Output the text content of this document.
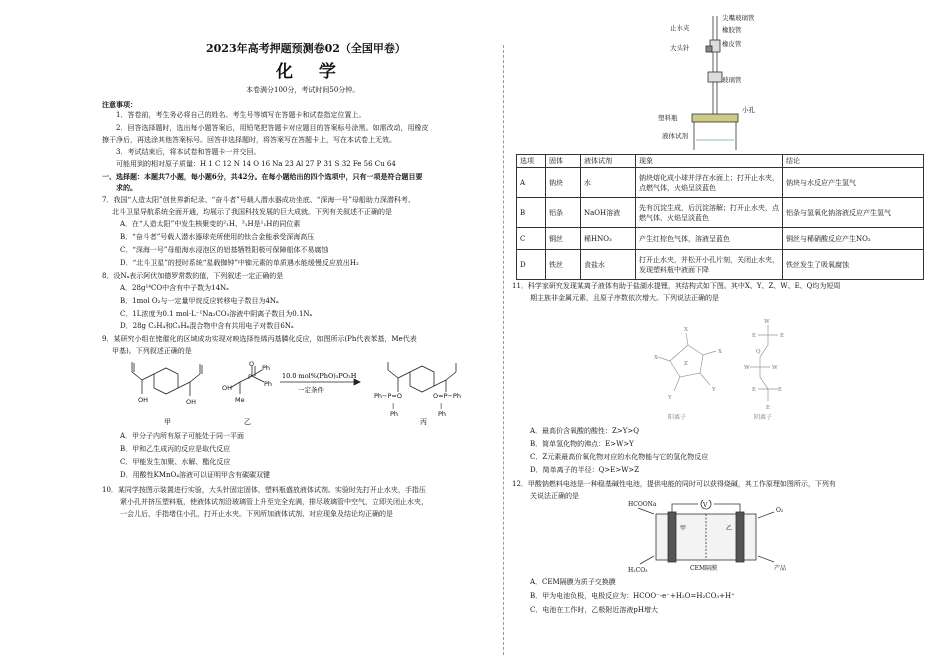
2023年高考押题预测卷02（全国甲卷）
化 学
本卷满分100分，考试时间50分钟。
注意事项：
1．答卷前，考生务必将自己的姓名、考生号等填写在答题卡和试卷指定位置上。
2．回答选择题时，选出每小题答案后，用铅笔把答题卡对应题目的答案标号涂黑。如需改动，用橡皮
擦干净后，再选涂其他答案标号。回答非选择题时，将答案写在答题卡上，写在本试卷上无效。
3．考试结束后，将本试卷和答题卡一并交回。
可能用到的相对原子质量：H 1 C 12 N 14 O 16 Na 23 Al 27 P 31 S 32 Fe 56 Cu 64
一、选择题：本题共7小题，每小题6分，共42分。在每小题给出的四个选项中，只有一项是符合题目要
求的。
7．我国“人造太阳”创世界新纪录、“奋斗者”号载人潜水器成功坐底、“深海一号”母船助力深潜科考、
北斗卫星导航系统全面开通，均展示了我国科技发展的巨大成就。下列有关叙述不正确的是
A．在“人造太阳”中发生核聚变的²₁H、³₁H是¹₁H的同位素
B．“奋斗者”号载人潜水器球壳所使用的钛合金能承受深海高压
C．“深海一号”母船海水浸泡区的铝基牺牲阳极可保障船体不易腐蚀
D．“北斗卫星”的授时系统“星载铷钟”中铷元素的单质遇水能缓慢反应放出H₂
8．设Nₐ表示阿伏加德罗常数的值，下列叙述一定正确的是
A．28g¹⁴CO中含有中子数为14Nₐ
B．1mol O₂与一定量甲烷反应转移电子数目为4Nₐ
C．1L浓度为0.1 mol·L⁻¹Na₂CO₃溶液中阴离子数目为0.1Nₐ
D．28g C₂H₄和C₃H₆混合物中含有共用电子对数目6Nₐ
9．某研究小组在铑催化的区域成功实现对映选择性烯丙基膦化反应，如图所示(Ph代表苯基，Me代表
甲基)。下列叙述正确的是
OH	OH
OH
Me
O
P
Ph
Ph
Ph−P=O
|
Ph
O=P−Ph
|
Ph
10.0 mol%(PhO)₂PO₂H
一定条件
甲	乙	丙
A．甲分子内所有原子可能处于同一平面
B．甲和乙生成丙的反应是取代反应
C．甲能发生加聚、水解、酯化反应
D．用酸性KMnO₄溶液可以证明甲含有碳碳双键
10．某同学按图示装置进行实验，大头针固定固体，塑料瓶盛放液体试剂。实验时先打开止水夹，手指压
紧小孔并挤压塑料瓶，使液体试剂沿玻璃管上升至完全充满，排尽玻璃管中空气，立即关闭止水夹，
一会儿后，手指堵住小孔，打开止水夹。下列所加液体试剂、对应现象及结论均正确的是
尖嘴玻璃管
止水夹	橡胶管
大头针	橡皮管
玻璃管
塑料瓶
小孔
液体试剂
选项	固体	液体试剂	现象	结论
A	钠块	水	钠块熔化成小球并浮在水面上；打开止水夹，点燃气体，火焰呈淡蓝色	钠块与水反应产生氢气
B	铝条	NaOH溶液	先有沉淀生成，后沉淀溶解；打开止水夹，点燃气体，火焰呈淡蓝色	铝条与氢氧化钠溶液反应产生氢气
C	铜丝	稀HNO₃	产生红棕色气体，溶液呈蓝色	铜丝与稀硝酸反应产生NO₂
D	铁丝	食盐水	打开止水夹，并松开小孔片刻，关闭止水夹，发现塑料瓶中液面下降	铁丝发生了吸氧腐蚀
11．科学家研究发现某离子液体有助于盐湖水提锂，其结构式如下图。其中X、Y、Z、W、E、Q均为短周
期主族非金属元素，且原子序数依次增大。下列说法正确的是
X
X
X
Y
Y
Z
W
E
E
Q
W
W
E
E
E
阳离子	阴离子
A．最高价含氧酸的酸性：Z>Y>Q
B．简单氢化物的沸点：E>W>Y
C．Z元素最高价氧化物对应的水化物能与它的氢化物反应
D．简单离子的半径：Q>E>W>Z
12．甲酸钠燃料电池是一种稳基碱性电池，提供电能的同时可以获得烧碱，其工作原理如图所示，下列有
关说法正确的是
V
HCOONa
甲	乙
O₂
H₂CO₃	CEM隔膜	产品
A．CEM隔膜为质子交换膜
B．甲为电池负极，电极反应为：HCOO⁻-e⁻+H₂O=H₂CO₃+H⁺
C．电池在工作时，乙极附近溶液pH增大
